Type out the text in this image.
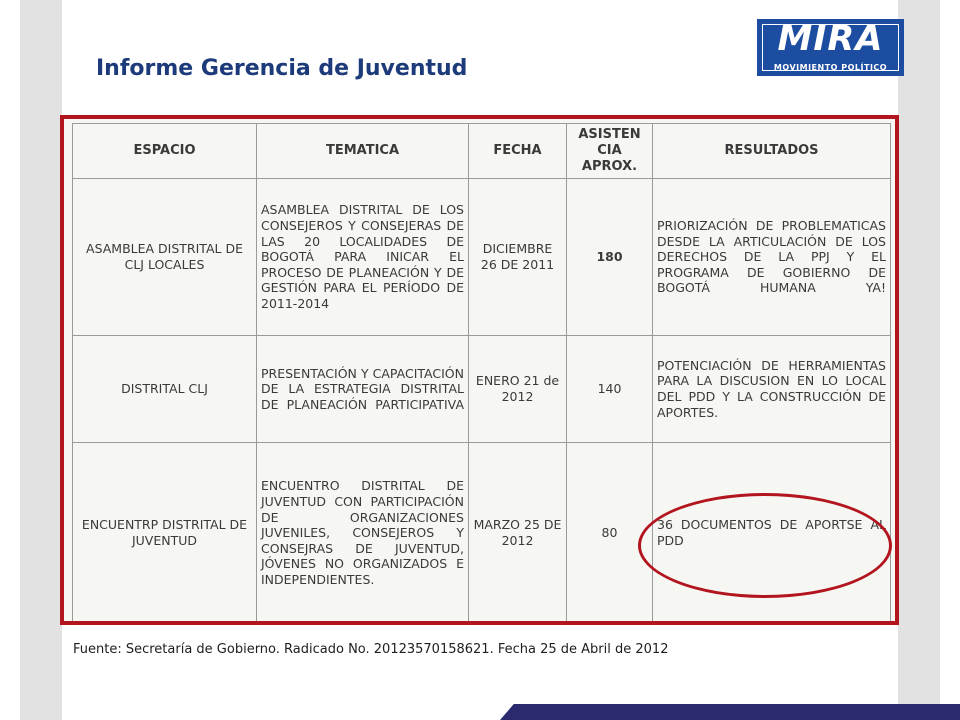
Informe Gerencia de Juventud
MIRA
MOVIMIENTO POLÍTICO
ESPACIO	TEMATICA	FECHA	ASISTEN CIA APROX.	RESULTADOS
ASAMBLEA DISTRITAL DE CLJ LOCALES	ASAMBLEA DISTRITAL DE LOS CONSEJEROS Y CONSEJERAS DE LAS 20 LOCALIDADES DE BOGOTÁ PARA INICAR EL PROCESO DE PLANEACIÓN Y DE GESTIÓN PARA EL PERÍODO DE 2011-2014	DICIEMBRE 26 DE 2011	180	PRIORIZACIÓN DE PROBLEMATICAS DESDE LA ARTICULACIÓN DE LOS DERECHOS DE LA PPJ Y EL PROGRAMA DE GOBIERNO DE BOGOTÁ HUMANA YA!
DISTRITAL CLJ	PRESENTACIÓN Y CAPACITACIÓN DE LA ESTRATEGIA DISTRITAL DE PLANEACIÓN PARTICIPATIVA	ENERO 21 de 2012	140	POTENCIACIÓN DE HERRAMIENTAS PARA LA DISCUSION EN LO LOCAL DEL PDD Y LA CONSTRUCCIÓN DE APORTES.
ENCUENTRP DISTRITAL DE JUVENTUD	ENCUENTRO DISTRITAL DE JUVENTUD CON PARTICIPACIÓN DE ORGANIZACIONES JUVENILES, CONSEJEROS Y CONSEJRAS DE JUVENTUD, JÓVENES NO ORGANIZADOS E INDEPENDIENTES.	MARZO 25 DE 2012	80	36 DOCUMENTOS DE APORTSE AL PDD

Fuente: Secretaría de Gobierno. Radicado No. 20123570158621. Fecha 25 de Abril de 2012
